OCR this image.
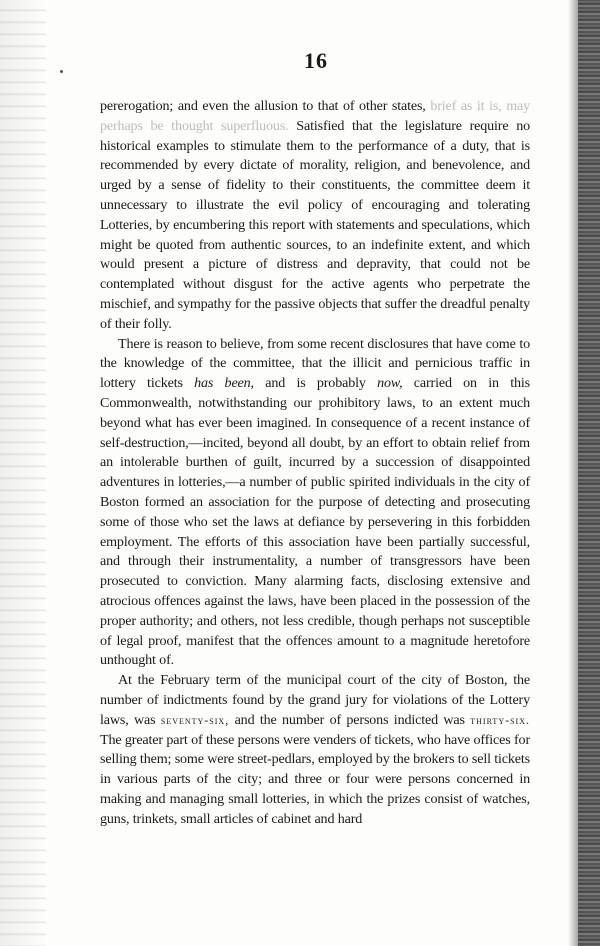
16

pererogation; and even the allusion to that of other states, brief as it is, may perhaps be thought superfluous. Satisfied that the legislature require no historical examples to stimulate them to the performance of a duty, that is recommended by every dictate of morality, religion, and benevolence, and urged by a sense of fidelity to their constituents, the committee deem it unnecessary to illustrate the evil policy of encouraging and tolerating Lotteries, by encumbering this report with statements and speculations, which might be quoted from authentic sources, to an indefinite extent, and which would present a picture of distress and depravity, that could not be contemplated without disgust for the active agents who perpetrate the mischief, and sympathy for the passive objects that suffer the dreadful penalty of their folly.

There is reason to believe, from some recent disclosures that have come to the knowledge of the committee, that the illicit and pernicious traffic in lottery tickets has been, and is probably now, carried on in this Commonwealth, notwithstanding our prohibitory laws, to an extent much beyond what has ever been imagined. In consequence of a recent instance of self-destruction,—incited, beyond all doubt, by an effort to obtain relief from an intolerable burthen of guilt, incurred by a succession of disappointed adventures in lotteries,—a number of public spirited individuals in the city of Boston formed an association for the purpose of detecting and prosecuting some of those who set the laws at defiance by persevering in this forbidden employment. The efforts of this association have been partially successful, and through their instrumentality, a number of transgressors have been prosecuted to conviction. Many alarming facts, disclosing extensive and atrocious offences against the laws, have been placed in the possession of the proper authority; and others, not less credible, though perhaps not susceptible of legal proof, manifest that the offences amount to a magnitude heretofore unthought of.

At the February term of the municipal court of the city of Boston, the number of indictments found by the grand jury for violations of the Lottery laws, was seventy-six, and the number of persons indicted was thirty-six. The greater part of these persons were venders of tickets, who have offices for selling them; some were street-pedlars, employed by the brokers to sell tickets in various parts of the city; and three or four were persons concerned in making and managing small lotteries, in which the prizes consist of watches, guns, trinkets, small articles of cabinet and hard
